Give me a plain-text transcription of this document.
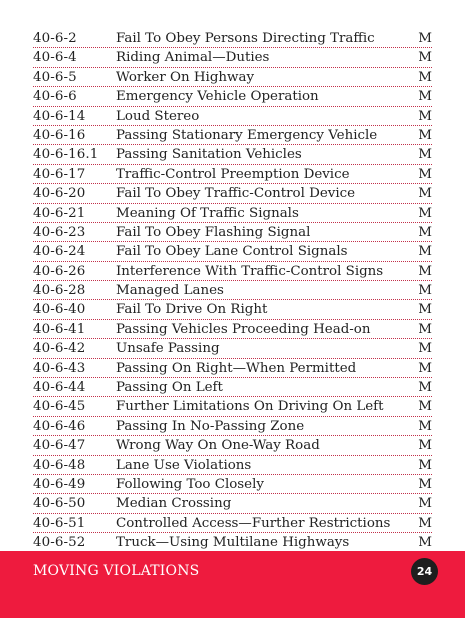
40-6-2	Fail To Obey Persons Directing Traffic	M
40-6-4	Riding Animal—Duties	M
40-6-5	Worker On Highway	M
40-6-6	Emergency Vehicle Operation	M
40-6-14	Loud Stereo	M
40-6-16	Passing Stationary Emergency Vehicle	M
40-6-16.1	Passing Sanitation Vehicles	M
40-6-17	Traffic-Control Preemption Device	M
40-6-20	Fail To Obey Traffic-Control Device	M
40-6-21	Meaning Of Traffic Signals	M
40-6-23	Fail To Obey Flashing Signal	M
40-6-24	Fail To Obey Lane Control Signals	M
40-6-26	Interference With Traffic-Control Signs	M
40-6-28	Managed Lanes	M
40-6-40	Fail To Drive On Right	M
40-6-41	Passing Vehicles Proceeding Head-on	M
40-6-42	Unsafe Passing	M
40-6-43	Passing On Right—When Permitted	M
40-6-44	Passing On Left	M
40-6-45	Further Limitations On Driving On Left	M
40-6-46	Passing In No-Passing Zone	M
40-6-47	Wrong Way On One-Way Road	M
40-6-48	Lane Use Violations	M
40-6-49	Following Too Closely	M
40-6-50	Median Crossing	M
40-6-51	Controlled Access—Further Restrictions	M
40-6-52	Truck—Using Multilane Highways	M
MOVING VIOLATIONS	24
